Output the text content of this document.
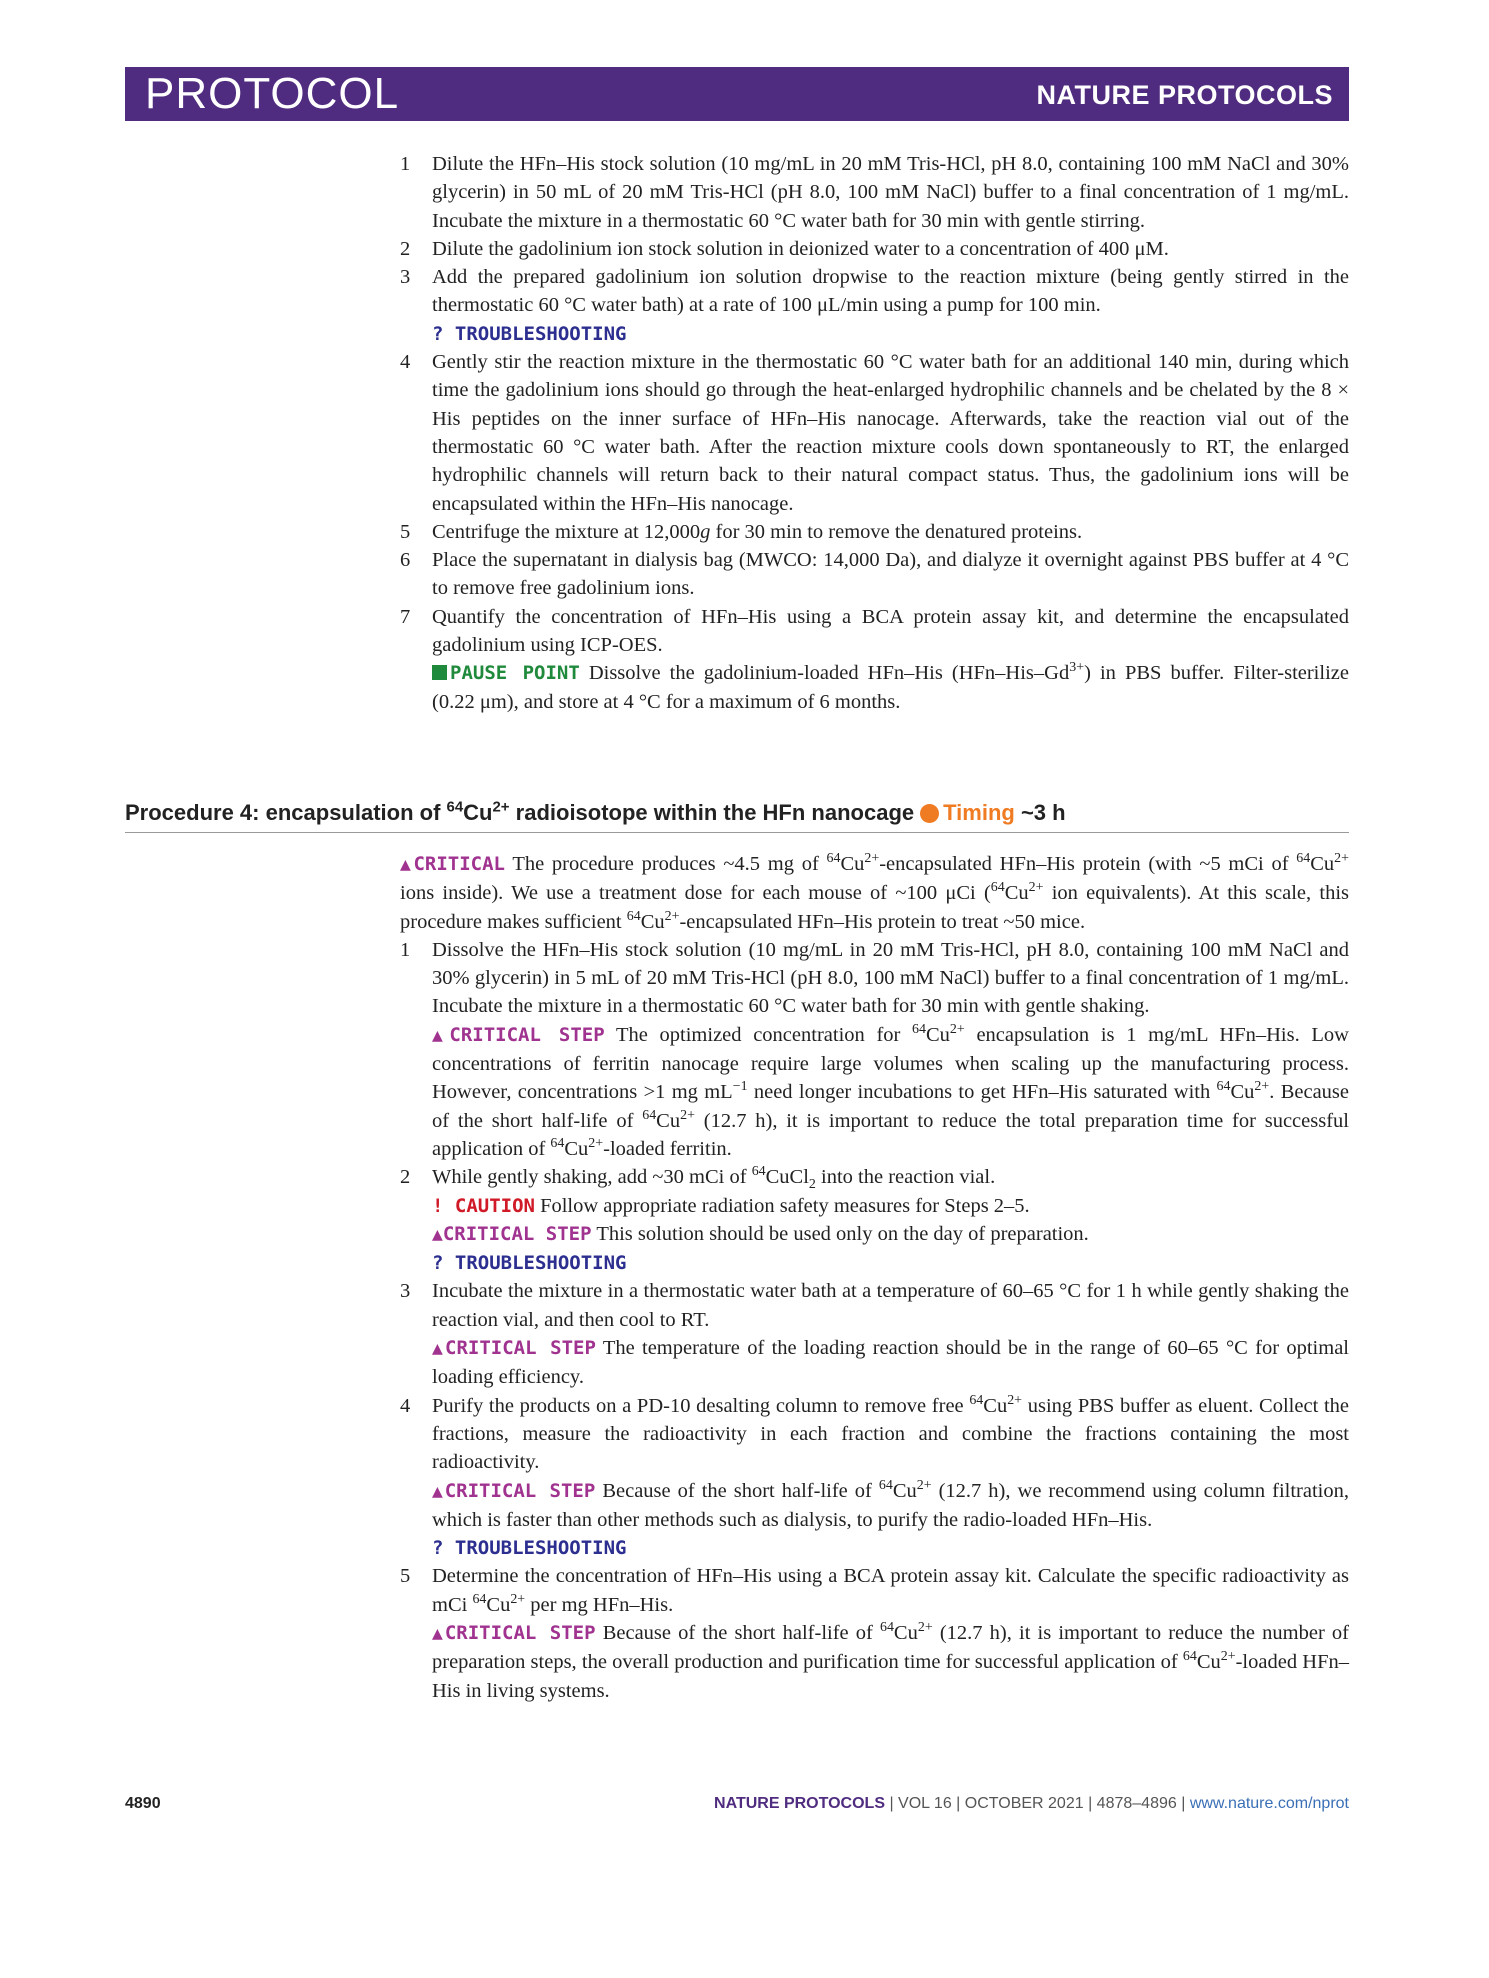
PROTOCOL	NATURE PROTOCOLS
1 Dilute the HFn–His stock solution (10 mg/mL in 20 mM Tris-HCl, pH 8.0, containing 100 mM NaCl and 30% glycerin) in 50 mL of 20 mM Tris-HCl (pH 8.0, 100 mM NaCl) buffer to a final concentration of 1 mg/mL. Incubate the mixture in a thermostatic 60 °C water bath for 30 min with gentle stirring.
2 Dilute the gadolinium ion stock solution in deionized water to a concentration of 400 μM.
3 Add the prepared gadolinium ion solution dropwise to the reaction mixture (being gently stirred in the thermostatic 60 °C water bath) at a rate of 100 μL/min using a pump for 100 min.
? TROUBLESHOOTING
4 Gently stir the reaction mixture in the thermostatic 60 °C water bath for an additional 140 min, during which time the gadolinium ions should go through the heat-enlarged hydrophilic channels and be chelated by the 8 × His peptides on the inner surface of HFn–His nanocage. Afterwards, take the reaction vial out of the thermostatic 60 °C water bath. After the reaction mixture cools down spontaneously to RT, the enlarged hydrophilic channels will return back to their natural compact status. Thus, the gadolinium ions will be encapsulated within the HFn–His nanocage.
5 Centrifuge the mixture at 12,000g for 30 min to remove the denatured proteins.
6 Place the supernatant in dialysis bag (MWCO: 14,000 Da), and dialyze it overnight against PBS buffer at 4 °C to remove free gadolinium ions.
7 Quantify the concentration of HFn–His using a BCA protein assay kit, and determine the encapsulated gadolinium using ICP-OES.
PAUSE POINT Dissolve the gadolinium-loaded HFn–His $(HFn-His-Gd^{3+})$ in PBS buffer. Filter-sterilize (0.22 μm), and store at 4 °C for a maximum of 6 months.
Procedure 4: encapsulation of $^{64}Cu^{2+}$ radioisotope within the HFn nanocage Timing ~3 h
▲CRITICAL The procedure produces ~4.5 mg of $^{64}Cu^{2+}$-encapsulated HFn–His protein (with ~5 mCi of $^{64}Cu^{2+}$ ions inside). We use a treatment dose for each mouse of ~100 μCi ($^{64}Cu^{2+}$ ion equivalents). At this scale, this procedure makes sufficient $^{64}Cu^{2+}$-encapsulated HFn–His protein to treat ~50 mice.
1 Dissolve the HFn–His stock solution (10 mg/mL in 20 mM Tris-HCl, pH 8.0, containing 100 mM NaCl and 30% glycerin) in 5 mL of 20 mM Tris-HCl (pH 8.0, 100 mM NaCl) buffer to a final concentration of 1 mg/mL. Incubate the mixture in a thermostatic 60 °C water bath for 30 min with gentle shaking.
▲CRITICAL STEP The optimized concentration for $^{64}Cu^{2+}$ encapsulation is 1 mg/mL HFn–His. Low concentrations of ferritin nanocage require large volumes when scaling up the manufacturing process. However, concentrations >1 mg $mL^{-1}$ need longer incubations to get HFn–His saturated with $^{64}Cu^{2+}$. Because of the short half-life of $^{64}Cu^{2+}$ (12.7 h), it is important to reduce the total preparation time for successful application of $^{64}Cu^{2+}$-loaded ferritin.
2 While gently shaking, add ~30 mCi of $^{64}$CuCl$_2$ into the reaction vial.
! CAUTION Follow appropriate radiation safety measures for Steps 2–5.
▲CRITICAL STEP This solution should be used only on the day of preparation.
? TROUBLESHOOTING
3 Incubate the mixture in a thermostatic water bath at a temperature of 60–65 °C for 1 h while gently shaking the reaction vial, and then cool to RT.
▲CRITICAL STEP The temperature of the loading reaction should be in the range of 60–65 °C for optimal loading efficiency.
4 Purify the products on a PD-10 desalting column to remove free $^{64}Cu^{2+}$ using PBS buffer as eluent. Collect the fractions, measure the radioactivity in each fraction and combine the fractions containing the most radioactivity.
▲CRITICAL STEP Because of the short half-life of $^{64}Cu^{2+}$ (12.7 h), we recommend using column filtration, which is faster than other methods such as dialysis, to purify the radio-loaded HFn–His.
? TROUBLESHOOTING
5 Determine the concentration of HFn–His using a BCA protein assay kit. Calculate the specific radioactivity as mCi $^{64}Cu^{2+}$ per mg HFn–His.
▲CRITICAL STEP Because of the short half-life of $^{64}Cu^{2+}$ (12.7 h), it is important to reduce the number of preparation steps, the overall production and purification time for successful application of $^{64}Cu^{2+}$-loaded HFn–His in living systems.
4890	NATURE PROTOCOLS | VOL 16 | OCTOBER 2021 | 4878–4896 | www.nature.com/nprot
